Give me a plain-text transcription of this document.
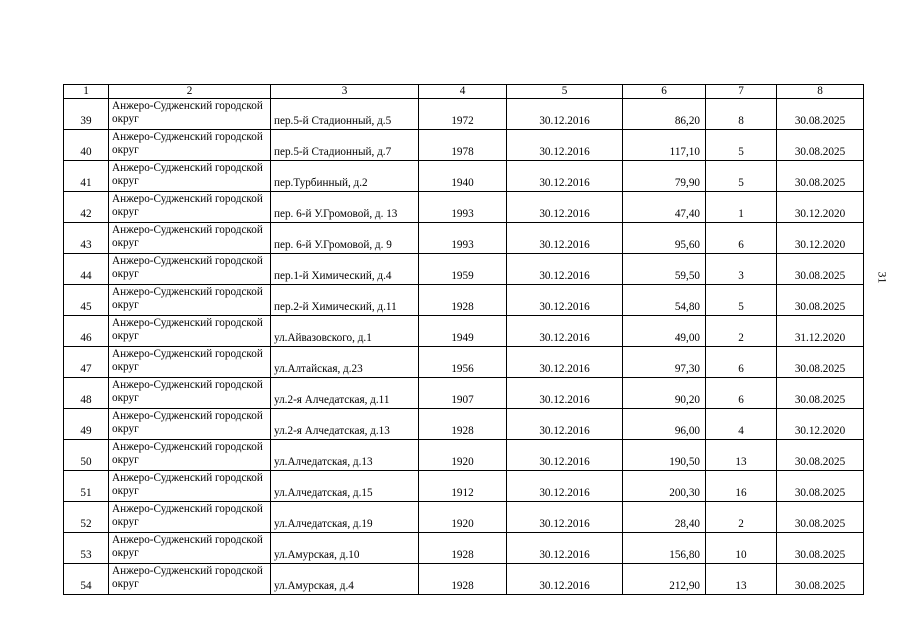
1	2	3	4	5	6	7	8
39	Анжеро-Судженский городской округ	пер.5-й Стадионный, д.5	1972	30.12.2016	86,20	8	30.08.2025
40	Анжеро-Судженский городской округ	пер.5-й Стадионный, д.7	1978	30.12.2016	117,10	5	30.08.2025
41	Анжеро-Судженский городской округ	пер.Турбинный, д.2	1940	30.12.2016	79,90	5	30.08.2025
42	Анжеро-Судженский городской округ	пер. 6-й У.Громовой, д. 13	1993	30.12.2016	47,40	1	30.12.2020
43	Анжеро-Судженский городской округ	пер. 6-й У.Громовой, д. 9	1993	30.12.2016	95,60	6	30.12.2020
44	Анжеро-Судженский городской округ	пер.1-й Химический, д.4	1959	30.12.2016	59,50	3	30.08.2025
45	Анжеро-Судженский городской округ	пер.2-й Химический, д.11	1928	30.12.2016	54,80	5	30.08.2025
46	Анжеро-Судженский городской округ	ул.Айвазовского, д.1	1949	30.12.2016	49,00	2	31.12.2020
47	Анжеро-Судженский городской округ	ул.Алтайская, д.23	1956	30.12.2016	97,30	6	30.08.2025
48	Анжеро-Судженский городской округ	ул.2-я Алчедатская, д.11	1907	30.12.2016	90,20	6	30.08.2025
49	Анжеро-Судженский городской округ	ул.2-я Алчедатская, д.13	1928	30.12.2016	96,00	4	30.12.2020
50	Анжеро-Судженский городской округ	ул.Алчедатская, д.13	1920	30.12.2016	190,50	13	30.08.2025
51	Анжеро-Судженский городской округ	ул.Алчедатская, д.15	1912	30.12.2016	200,30	16	30.08.2025
52	Анжеро-Судженский городской округ	ул.Алчедатская, д.19	1920	30.12.2016	28,40	2	30.08.2025
53	Анжеро-Судженский городской округ	ул.Амурская, д.10	1928	30.12.2016	156,80	10	30.08.2025
54	Анжеро-Судженский городской округ	ул.Амурская, д.4	1928	30.12.2016	212,90	13	30.08.2025
31
